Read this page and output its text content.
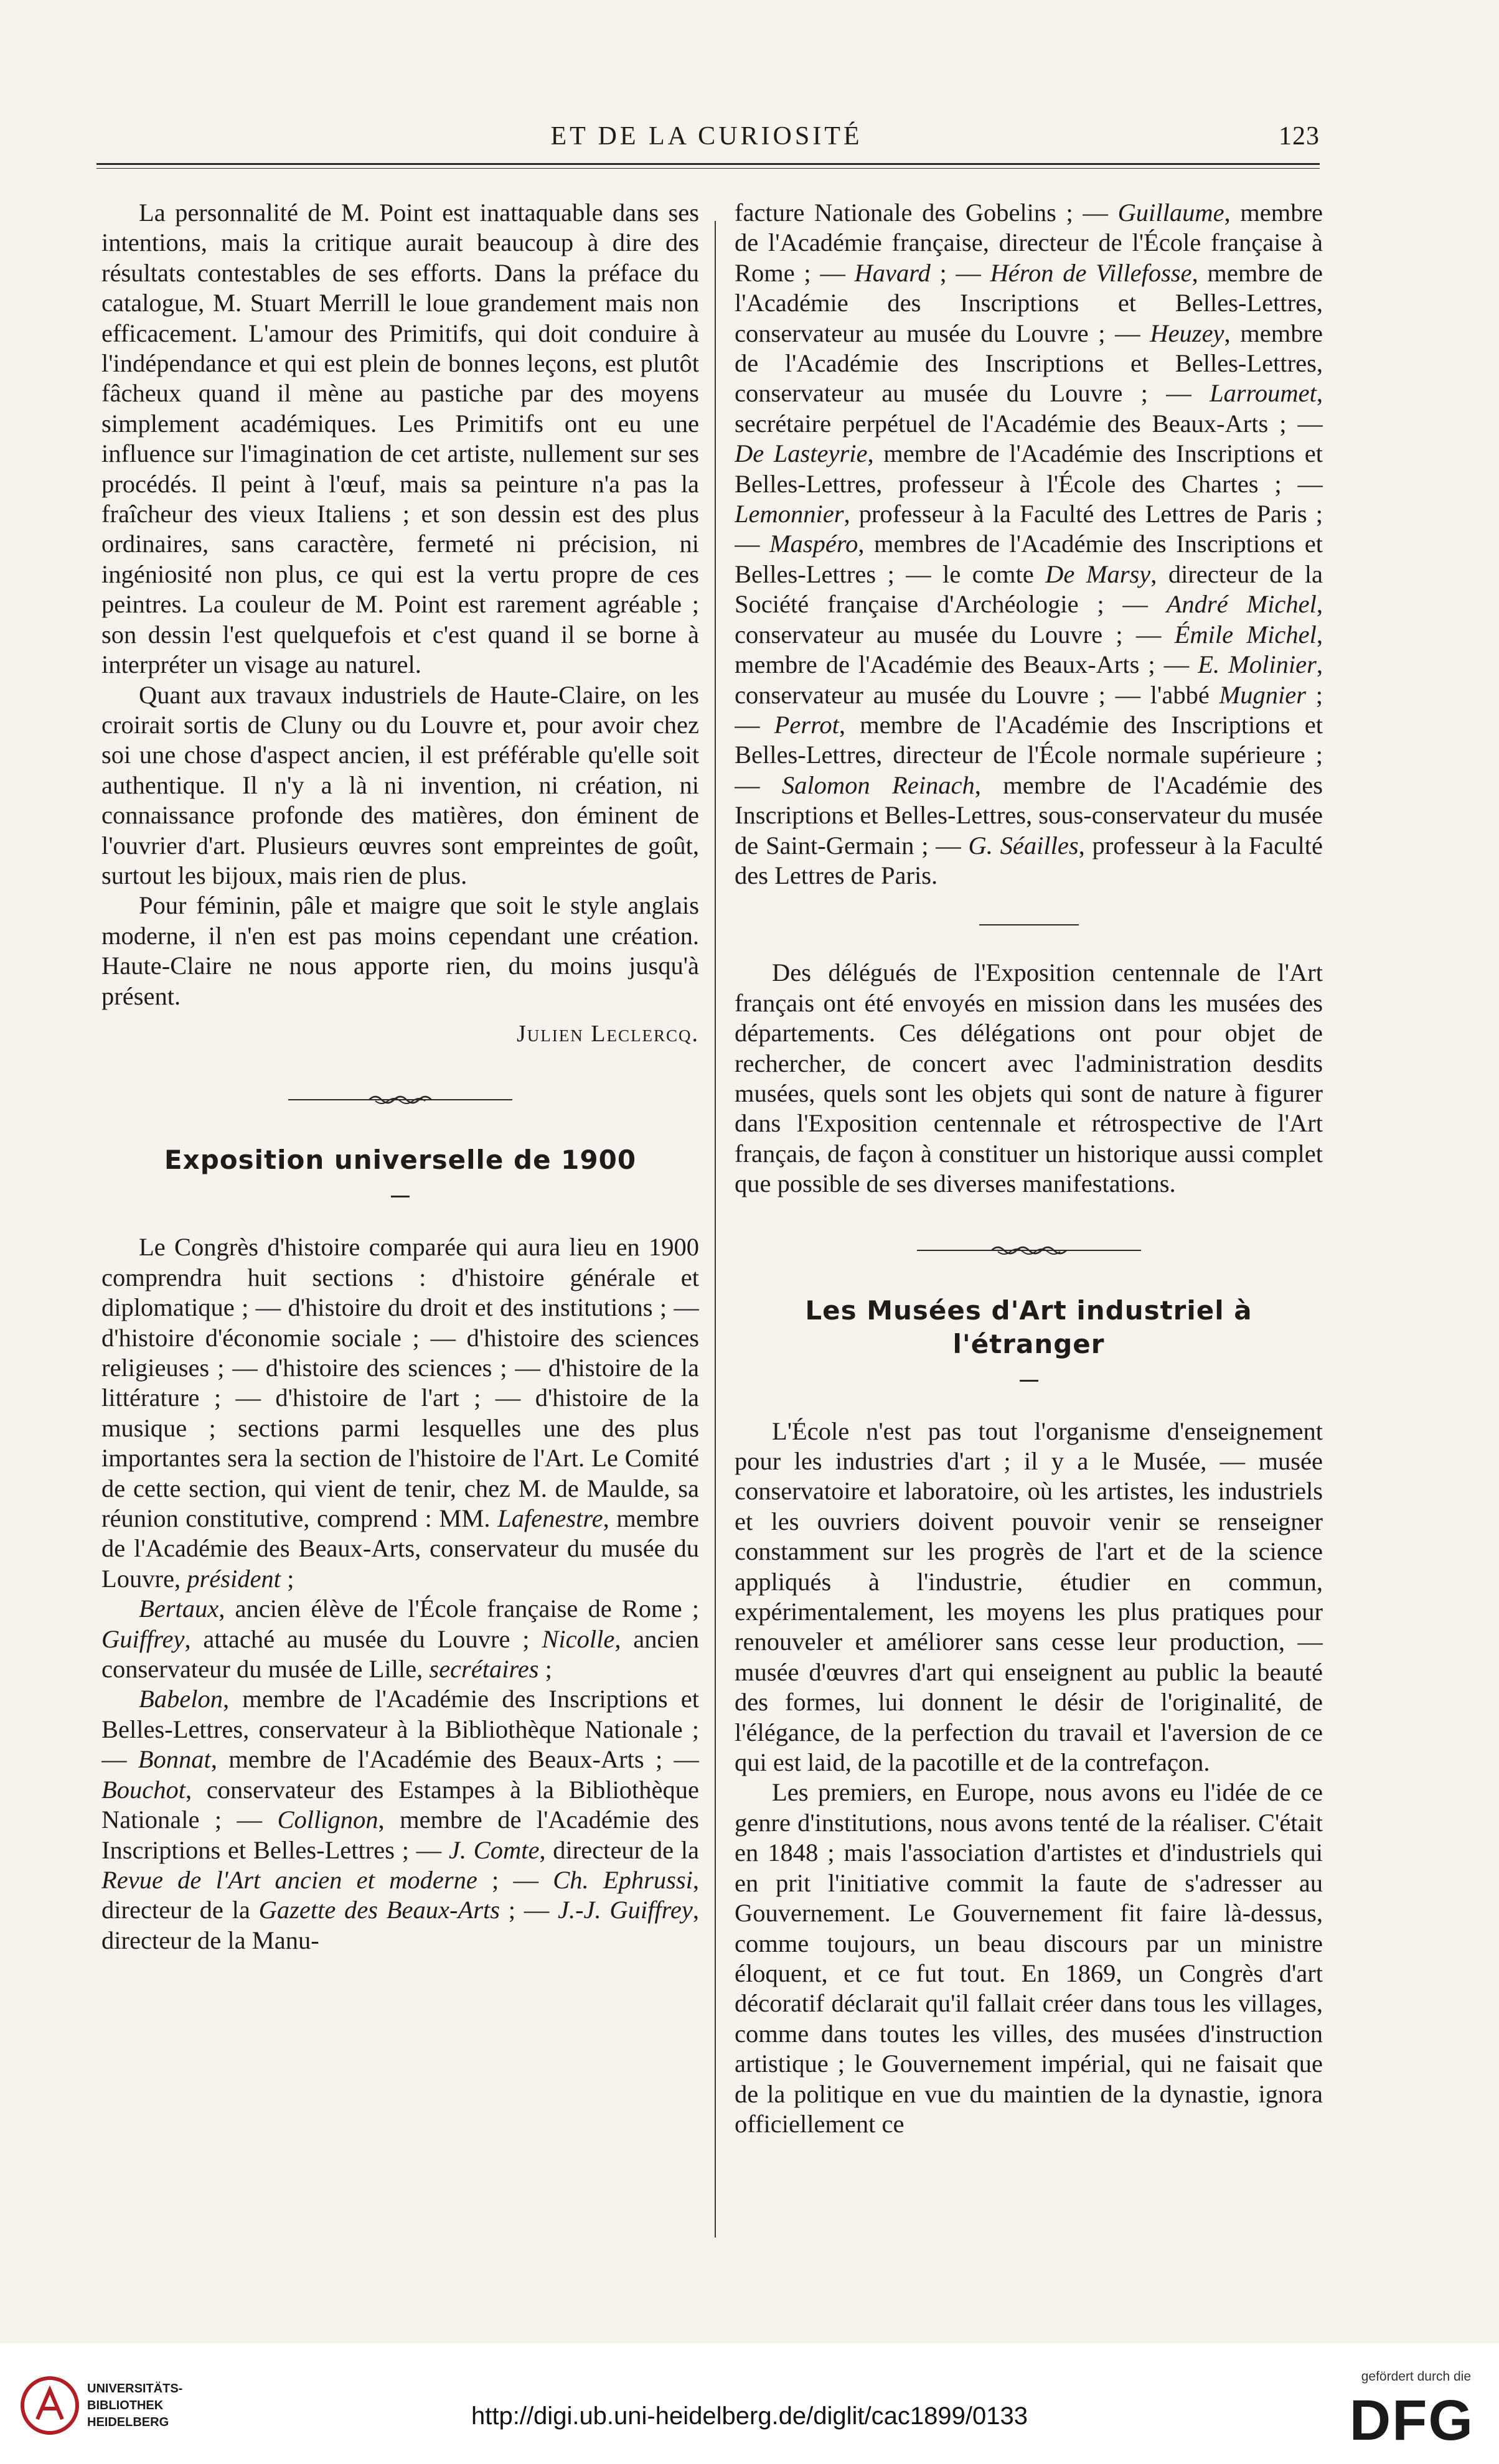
ET DE LA CURIOSITÉ	123

La personnalité de M. Point est inattaquable dans ses intentions, mais la critique aurait beaucoup à dire des résultats contestables de ses efforts. Dans la préface du catalogue, M. Stuart Merrill le loue grandement mais non efficacement. L'amour des Primitifs, qui doit conduire à l'indépendance et qui est plein de bonnes leçons, est plutôt fâcheux quand il mène au pastiche par des moyens simplement académiques. Les Primitifs ont eu une influence sur l'imagination de cet artiste, nullement sur ses procédés. Il peint à l'œuf, mais sa peinture n'a pas la fraîcheur des vieux Italiens ; et son dessin est des plus ordinaires, sans caractère, fermeté ni précision, ni ingéniosité non plus, ce qui est la vertu propre de ces peintres. La couleur de M. Point est rarement agréable ; son dessin l'est quelquefois et c'est quand il se borne à interpréter un visage au naturel.

Quant aux travaux industriels de Haute-Claire, on les croirait sortis de Cluny ou du Louvre et, pour avoir chez soi une chose d'aspect ancien, il est préférable qu'elle soit authentique. Il n'y a là ni invention, ni création, ni connaissance profonde des matières, don éminent de l'ouvrier d'art. Plusieurs œuvres sont empreintes de goût, surtout les bijoux, mais rien de plus.

Pour féminin, pâle et maigre que soit le style anglais moderne, il n'en est pas moins cependant une création. Haute-Claire ne nous apporte rien, du moins jusqu'à présent.

Julien Leclercq.
Exposition universelle de 1900

Le Congrès d'histoire comparée qui aura lieu en 1900 comprendra huit sections : d'histoire générale et diplomatique ; — d'histoire du droit et des institutions ; — d'histoire d'économie sociale ; — d'histoire des sciences religieuses ; — d'histoire des sciences ; — d'histoire de la littérature ; — d'histoire de l'art ; — d'histoire de la musique ; sections parmi lesquelles une des plus importantes sera la section de l'histoire de l'Art. Le Comité de cette section, qui vient de tenir, chez M. de Maulde, sa réunion constitutive, comprend : MM. Lafenestre, membre de l'Académie des Beaux-Arts, conservateur du musée du Louvre, président ;

Bertaux, ancien élève de l'École française de Rome ; Guiffrey, attaché au musée du Louvre ; Nicolle, ancien conservateur du musée de Lille, secrétaires ;

Babelon, membre de l'Académie des Inscriptions et Belles-Lettres, conservateur à la Bibliothèque Nationale ; — Bonnat, membre de l'Académie des Beaux-Arts ; — Bouchot, conservateur des Estampes à la Bibliothèque Nationale ; — Collignon, membre de l'Académie des Inscriptions et Belles-Lettres ; — J. Comte, directeur de la Revue de l'Art ancien et moderne ; — Ch. Ephrussi, directeur de la Gazette des Beaux-Arts ; — J.-J. Guiffrey, directeur de la Manu-

facture Nationale des Gobelins ; — Guillaume, membre de l'Académie française, directeur de l'École française à Rome ; — Havard ; — Héron de Villefosse, membre de l'Académie des Inscriptions et Belles-Lettres, conservateur au musée du Louvre ; — Heuzey, membre de l'Académie des Inscriptions et Belles-Lettres, conservateur au musée du Louvre ; — Larroumet, secrétaire perpétuel de l'Académie des Beaux-Arts ; — De Lasteyrie, membre de l'Académie des Inscriptions et Belles-Lettres, professeur à l'École des Chartes ; — Lemonnier, professeur à la Faculté des Lettres de Paris ; — Maspéro, membres de l'Académie des Inscriptions et Belles-Lettres ; — le comte De Marsy, directeur de la Société française d'Archéologie ; — André Michel, conservateur au musée du Louvre ; — Émile Michel, membre de l'Académie des Beaux-Arts ; — E. Molinier, conservateur au musée du Louvre ; — l'abbé Mugnier ; — Perrot, membre de l'Académie des Inscriptions et Belles-Lettres, directeur de l'École normale supérieure ; — Salomon Reinach, membre de l'Académie des Inscriptions et Belles-Lettres, sous-conservateur du musée de Saint-Germain ; — G. Séailles, professeur à la Faculté des Lettres de Paris.

Des délégués de l'Exposition centennale de l'Art français ont été envoyés en mission dans les musées des départements. Ces délégations ont pour objet de rechercher, de concert avec l'administration desdits musées, quels sont les objets qui sont de nature à figurer dans l'Exposition centennale et rétrospective de l'Art français, de façon à constituer un historique aussi complet que possible de ses diverses manifestations.

Les Musées d'Art industriel à l'étranger

L'École n'est pas tout l'organisme d'enseignement pour les industries d'art ; il y a le Musée, — musée conservatoire et laboratoire, où les artistes, les industriels et les ouvriers doivent pouvoir venir se renseigner constamment sur les progrès de l'art et de la science appliqués à l'industrie, étudier en commun, expérimentalement, les moyens les plus pratiques pour renouveler et améliorer sans cesse leur production, — musée d'œuvres d'art qui enseignent au public la beauté des formes, lui donnent le désir de l'originalité, de l'élégance, de la perfection du travail et l'aversion de ce qui est laid, de la pacotille et de la contrefaçon.

Les premiers, en Europe, nous avons eu l'idée de ce genre d'institutions, nous avons tenté de la réaliser. C'était en 1848 ; mais l'association d'artistes et d'industriels qui en prit l'initiative commit la faute de s'adresser au Gouvernement. Le Gouvernement fit faire là-dessus, comme toujours, un beau discours par un ministre éloquent, et ce fut tout. En 1869, un Congrès d'art décoratif déclarait qu'il fallait créer dans tous les villages, comme dans toutes les villes, des musées d'instruction artistique ; le Gouvernement impérial, qui ne faisait que de la politique en vue du maintien de la dynastie, ignora officiellement ce

UNIVERSITÄTS-
BIBLIOTHEK
HEIDELBERG	http://digi.ub.uni-heidelberg.de/diglit/cac1899/0133
gefördert durch die
DFG
